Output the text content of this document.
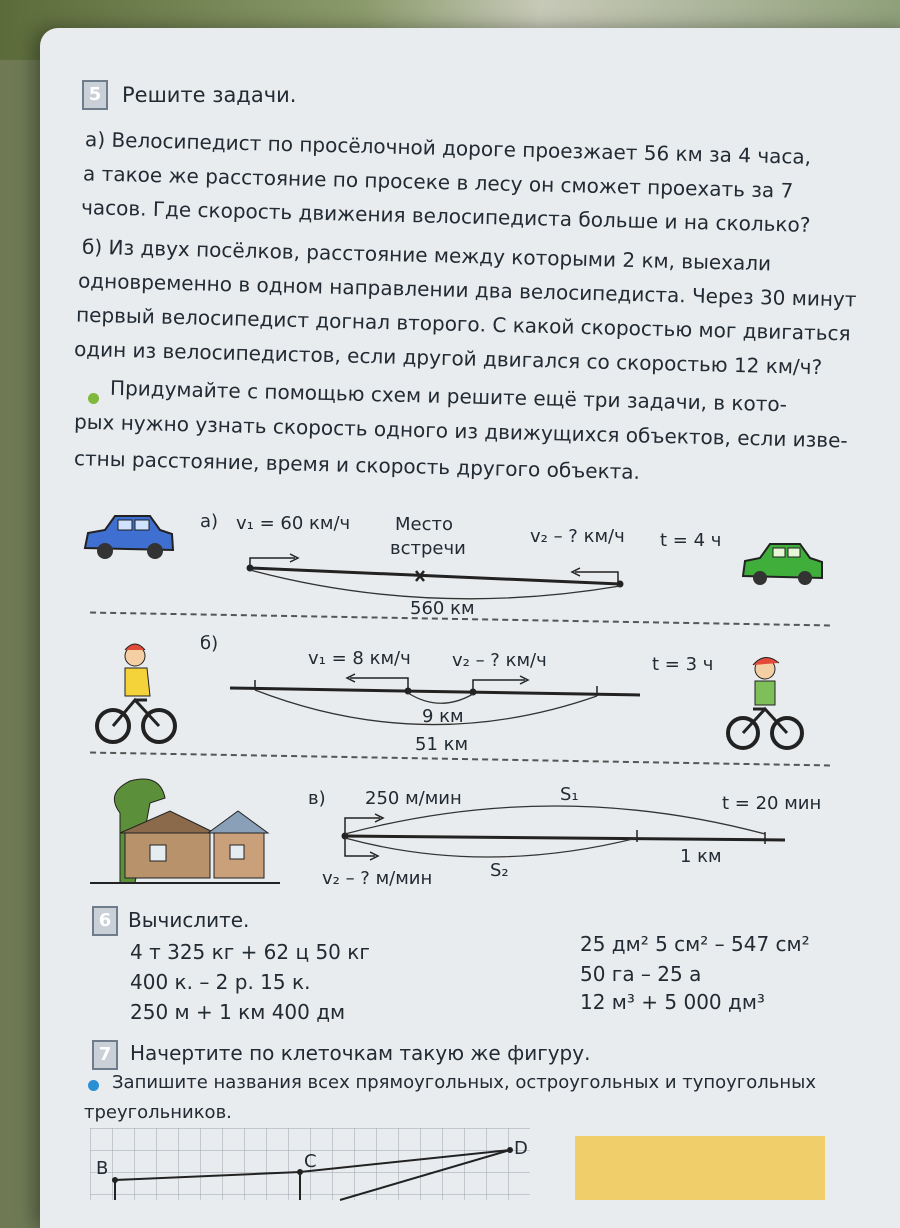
5 Решите задачи.
а) Велосипедист по просёлочной дороге проезжает 56 км за 4 часа,
а такое же расстояние по просеке в лесу он сможет проехать за 7
часов. Где скорость движения велосипедиста больше и на сколько?
б) Из двух посёлков, расстояние между которыми 2 км, выехали
одновременно в одном направлении два велосипедиста. Через 30 минут
первый велосипедист догнал второго. С какой скоростью мог двигаться
один из велосипедистов, если другой двигался со скоростью 12 км/ч?
Придумайте с помощью схем и решите ещё три задачи, в кото-
рых нужно узнать скорость одного из движущихся объектов, если изве-
стны расстояние, время и скорость другого объекта.
а) v₁ = 60 км/ч Место
встречи
v₂ – ? км/ч t = 4 ч
560 км
б)
v₁ = 8 км/ч v₂ – ? км/ч	t = 3 ч
9 км
51 км
в) 250 м/мин	S₁	t = 20 мин
1 км
v₂ – ? м/мин	S₂
6 Вычислите.
4 т 325 кг + 62 ц 50 кг
400 к. – 2 р. 15 к.
250 м + 1 км 400 дм
25 дм² 5 см² – 547 см²
50 га – 25 а
12 м³ + 5 000 дм³
7 Начертите по клеточкам такую же фигуру.
Запишите названия всех прямоугольных, остроугольных и тупоугольных
треугольников.
B	C
D
